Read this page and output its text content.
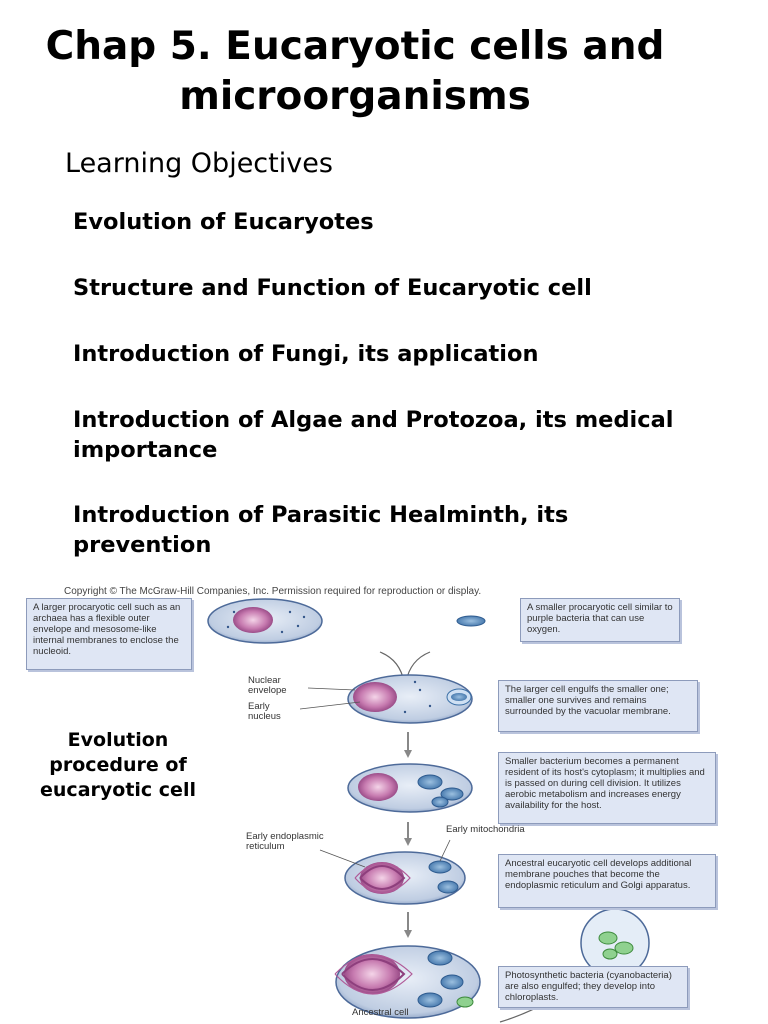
Chap 5. Eucaryotic cells and microorganisms
Learning Objectives
Evolution of Eucaryotes
Structure and Function of Eucaryotic cell
Introduction of Fungi, its application
Introduction of Algae and Protozoa, its medical importance
Introduction of Parasitic Healminth, its prevention
Evolution procedure of eucaryotic cell
Copyright © The McGraw-Hill Companies, Inc. Permission required for reproduction or display.
A larger procaryotic cell such as an archaea has a flexible outer envelope and mesosome-like internal membranes to enclose the nucleoid.
A smaller procaryotic cell similar to purple bacteria that can use oxygen.
The larger cell engulfs the smaller one; smaller one survives and remains surrounded by the vacuolar membrane.
Smaller bacterium becomes a permanent resident of its host's cytoplasm; it multiplies and is passed on during cell division. It utilizes aerobic metabolism and increases energy availability for the host.
Ancestral eucaryotic cell develops additional membrane pouches that become the endoplasmic reticulum and Golgi apparatus.
Photosynthetic bacteria (cyanobacteria) are also engulfed; they develop into chloroplasts.
Nuclear envelope
Early nucleus
Early endoplasmic reticulum
Early mitochondria
Ancestral cell
